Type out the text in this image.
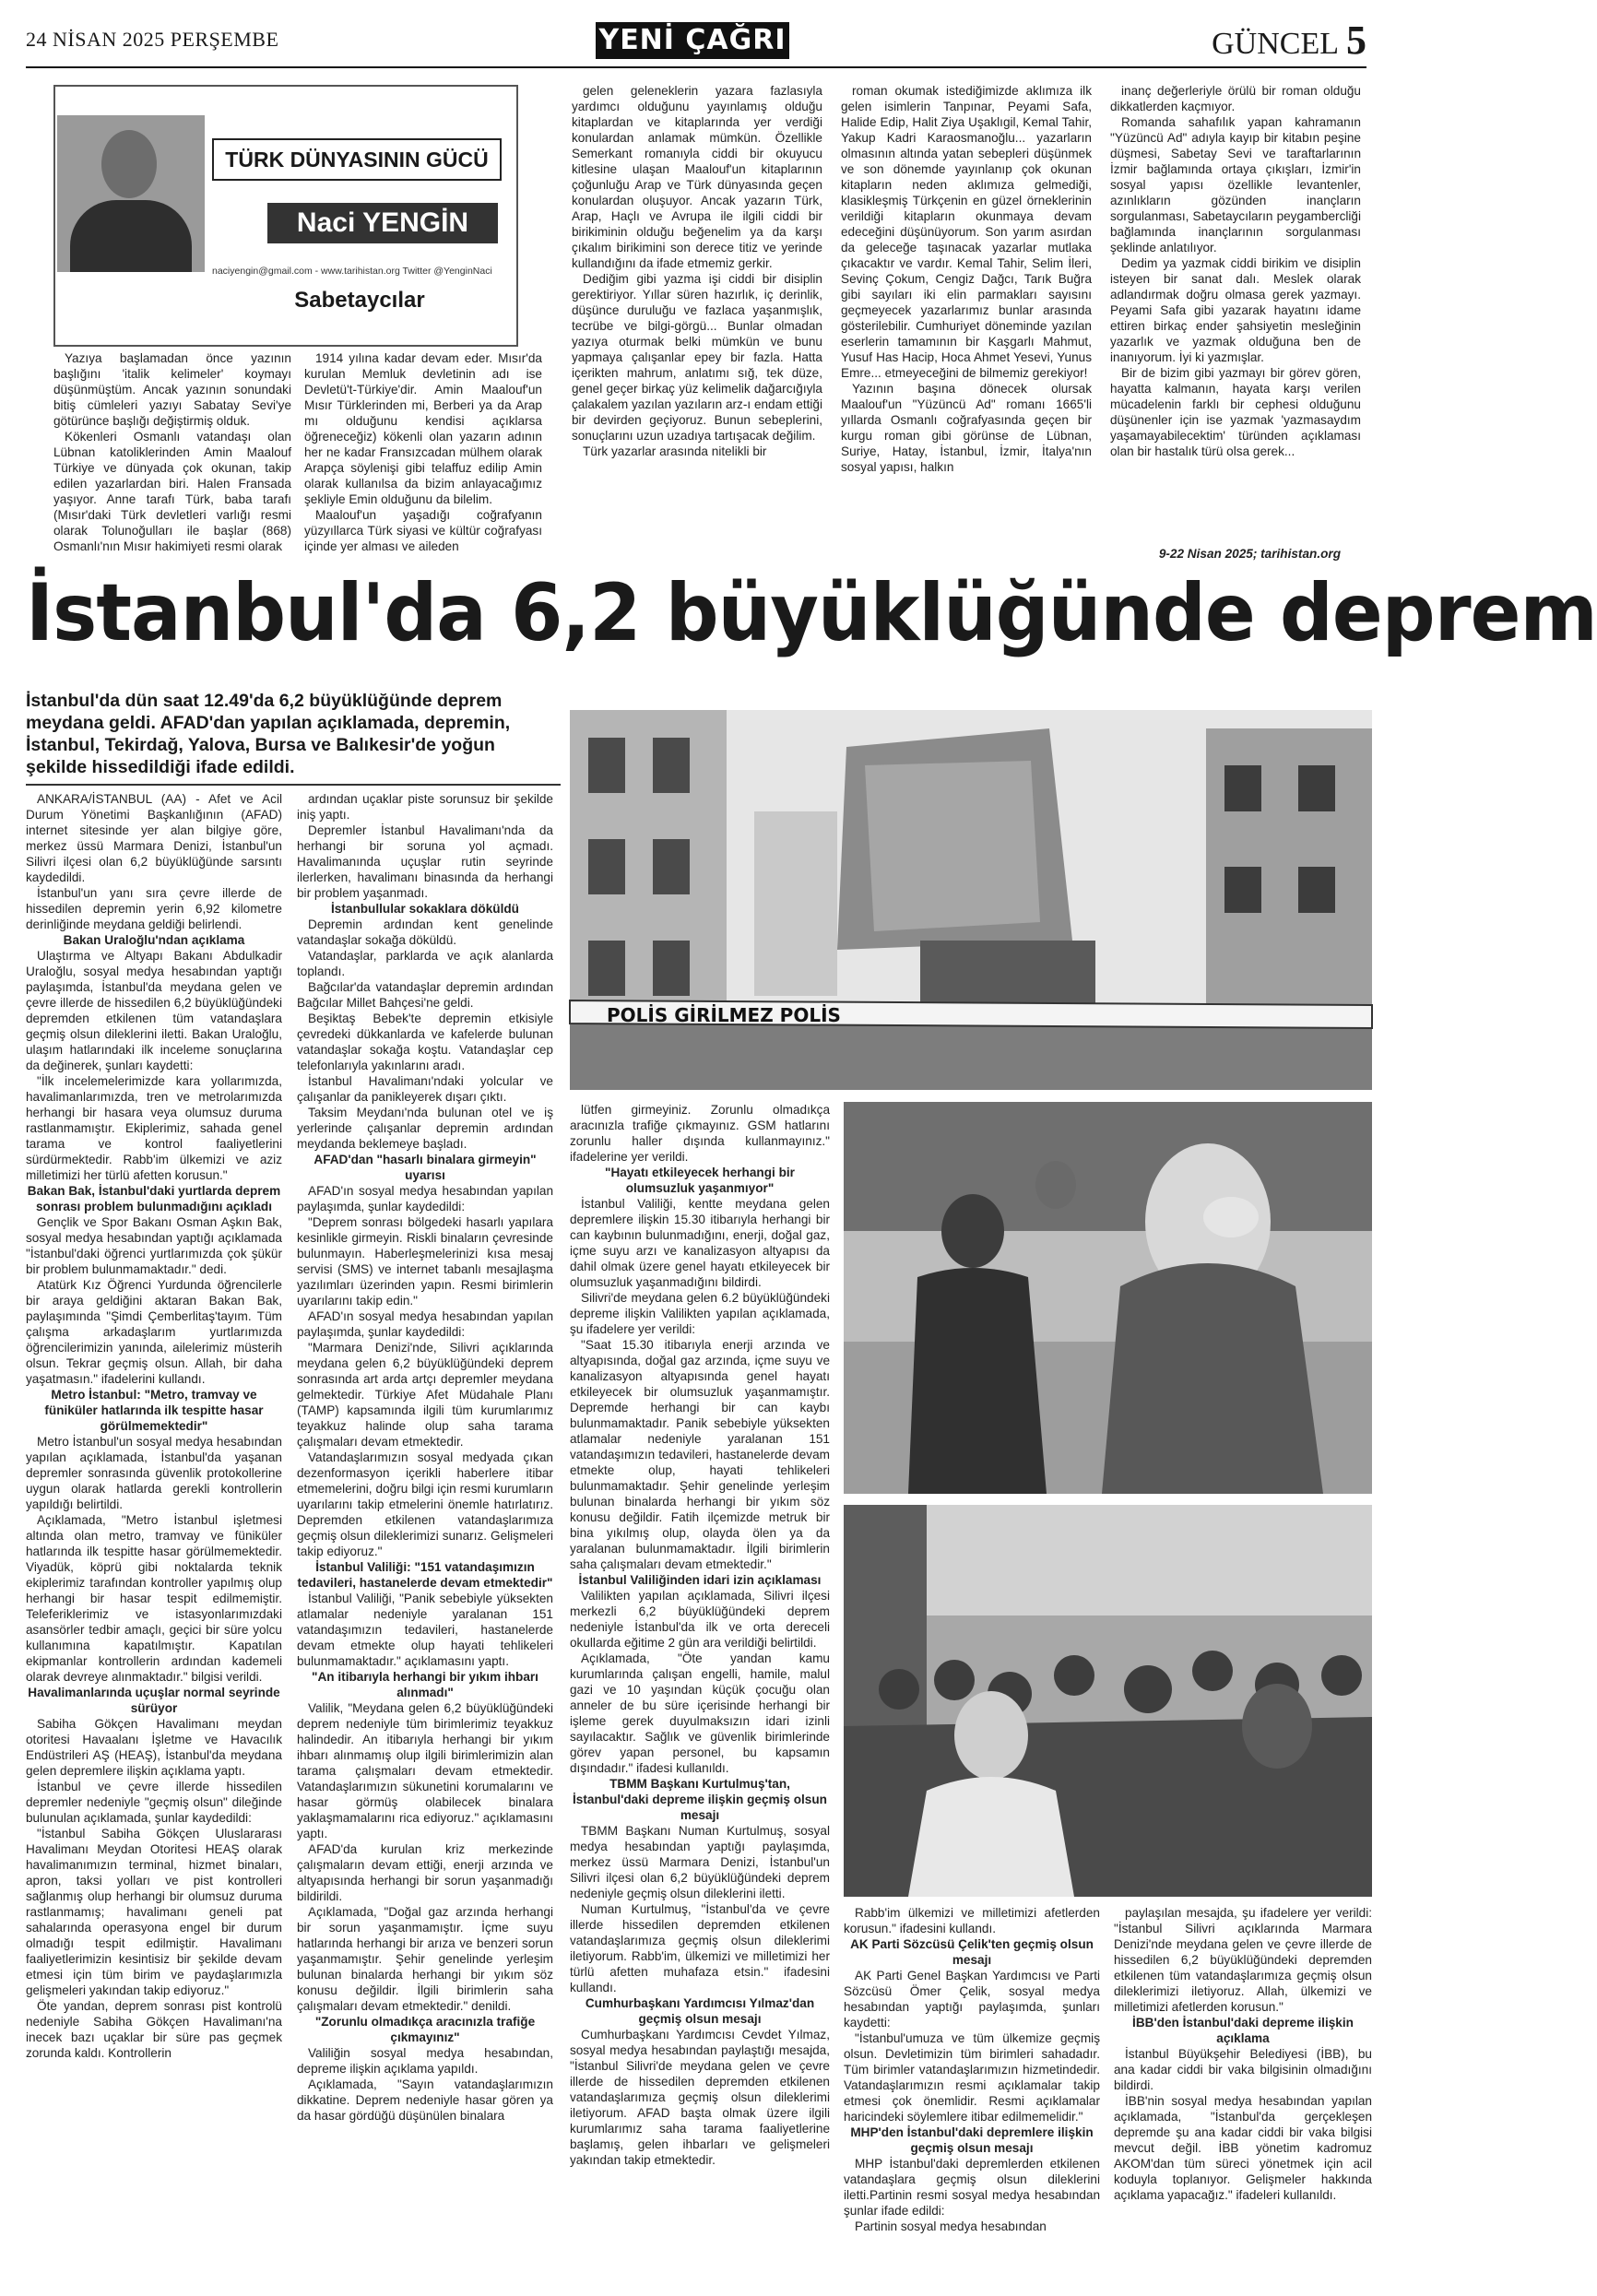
24 NİSAN 2025 PERŞEMBE	YENİ ÇAĞRI	GÜNCEL 5
TÜRK DÜNYASININ GÜCÜ
Naci YENGİN
naciyengin@gmail.com - www.tarihistan.org Twitter @YenginNaci
Sabetaycılar

Yazıya başlamadan önce yazının başlığını 'italik kelimeler' koymayı düşünmüştüm. Ancak yazının sonundaki bitiş cümleleri yazıyı Sabatay Sevi'ye götürünce başlığı değiştirmiş olduk.

Kökenleri Osmanlı vatandaşı olan Lübnan katoliklerinden Amin Maalouf Türkiye ve dünyada çok okunan, takip edilen yazarlardan biri. Halen Fransada yaşıyor. Anne tarafı Türk, baba tarafı (Mısır'daki Türk devletleri varlığı resmi olarak Tolunoğulları ile başlar (868) Osmanlı'nın Mısır hakimiyeti resmi olarak

1914 yılına kadar devam eder. Mısır'da kurulan Memluk devletinin adı ise Devletü't-Türkiye'dir. Amin Maalouf'un Mısır Türklerinden mi, Berberi ya da Arap mı olduğunu kendisi açıklarsa öğreneceğiz) kökenli olan yazarın adının her ne kadar Fransızcadan mülhem olarak Arapça söylenişi gibi telaffuz edilip Amin olarak kullanılsa da bizim anlayacağımız şekliyle Emin olduğunu da bilelim.

Maalouf'un yaşadığı coğrafyanın yüzyıllarca Türk siyasi ve kültür coğrafyası içinde yer alması ve aileden

gelen geleneklerin yazara fazlasıyla yardımcı olduğunu yayınlamış olduğu kitaplardan ve kitaplarında yer verdiği konulardan anlamak mümkün. Özellikle Semerkant romanıyla ciddi bir okuyucu kitlesine ulaşan Maalouf'un kitaplarının çoğunluğu Arap ve Türk dünyasında geçen konulardan oluşuyor. Ancak yazarın Türk, Arap, Haçlı ve Avrupa ile ilgili ciddi bir birikiminin olduğu beğenelim ya da karşı çıkalım birikimini son derece titiz ve yerinde kullandığını da ifade etmemiz gerkir.

Dediğim gibi yazma işi ciddi bir disiplin gerektiriyor. Yıllar süren hazırlık, iç derinlik, düşünce duruluğu ve fazlaca yaşanmışlık, tecrübe ve bilgi-görgü... Bunlar olmadan yazıya oturmak belki mümkün ve bunu yapmaya çalışanlar epey bir fazla. Hatta içerikten mahrum, anlatımı sığ, tek düze, genel geçer birkaç yüz kelimelik dağarcığıyla çalakalem yazılan yazıların arz-ı endam ettiği bir devirden geçiyoruz. Bunun sebeplerini, sonuçlarını uzun uzadıya tartışacak değilim.

Türk yazarlar arasında nitelikli bir

roman okumak istediğimizde aklımıza ilk gelen isimlerin Tanpınar, Peyami Safa, Halide Edip, Halit Ziya Uşaklıgil, Kemal Tahir, Yakup Kadri Karaosmanoğlu... yazarların olmasının altında yatan sebepleri düşünmek ve son dönemde yayınlanıp çok okunan kitapların neden aklımıza gelmediği, klasikleşmiş Türkçenin en güzel örneklerinin verildiği kitapların okunmaya devam edeceğini düşünüyorum. Son yarım asırdan da geleceğe taşınacak yazarlar mutlaka çıkacaktır ve vardır. Kemal Tahir, Selim İleri, Sevinç Çokum, Cengiz Dağcı, Tarık Buğra gibi sayıları iki elin parmakları sayısını geçmeyecek yazarlarımız bunlar arasında gösterilebilir. Cumhuriyet döneminde yazılan eserlerin tamamının bir Kaşgarlı Mahmut, Yusuf Has Hacip, Hoca Ahmet Yesevi, Yunus Emre... etmeyeceğini de bilmemiz gerekiyor!

Yazının başına dönecek olursak Maalouf'un "Yüzüncü Ad" romanı 1665'li yıllarda Osmanlı coğrafyasında geçen bir kurgu roman gibi görünse de Lübnan, Suriye, Hatay, İstanbul, İzmir, İtalya'nın sosyal yapısı, halkın

inanç değerleriyle örülü bir roman olduğu dikkatlerden kaçmıyor.

Romanda sahafılık yapan kahramanın "Yüzüncü Ad" adıyla kayıp bir kitabın peşine düşmesi, Sabetay Sevi ve taraftarlarının İzmir bağlamında ortaya çıkışları, İzmir'in sosyal yapısı özellikle levantenler, azınlıkların gözünden inançların sorgulanması, Sabetaycıların peygambercliği bağlamında inançlarının sorgulanması şeklinde anlatılıyor.

Dedim ya yazmak ciddi birikim ve disiplin isteyen bir sanat dalı. Meslek olarak adlandırmak doğru olmasa gerek yazmayı. Peyami Safa gibi yazarak hayatını idame ettiren birkaç ender şahsiyetin mesleğinin yazarlık ve yazmak olduğuna ben de inanıyorum. İyi ki yazmışlar.

Bir de bizim gibi yazmayı bir görev gören, hayatta kalmanın, hayata karşı verilen mücadelenin farklı bir cephesi olduğunu düşünenler için ise yazmak 'yazmasaydım yaşamayabilecektim' türünden açıklaması olan bir hastalık türü olsa gerek...

9-22 Nisan 2025; tarihistan.org
İstanbul'da 6,2 büyüklüğünde deprem
İstanbul'da dün saat 12.49'da 6,2 büyüklüğünde deprem meydana geldi. AFAD'dan yapılan açıklamada, depremin, İstanbul, Tekirdağ, Yalova, Bursa ve Balıkesir'de yoğun şekilde hissedildiği ifade edildi.
POLİS GİRİLMEZ POLİS

ANKARA/İSTANBUL (AA) - Afet ve Acil Durum Yönetimi Başkanlığının (AFAD) internet sitesinde yer alan bilgiye göre, merkez üssü Marmara Denizi, İstanbul'un Silivri ilçesi olan 6,2 büyüklüğünde sarsıntı kaydedildi.

İstanbul'un yanı sıra çevre illerde de hissedilen depremin yerin 6,92 kilometre derinliğinde meydana geldiği belirlendi.

Bakan Uraloğlu'ndan açıklama

Ulaştırma ve Altyapı Bakanı Abdulkadir Uraloğlu, sosyal medya hesabından yaptığı paylaşımda, İstanbul'da meydana gelen ve çevre illerde de hissedilen 6,2 büyüklüğündeki depremden etkilenen tüm vatandaşlara geçmiş olsun dileklerini iletti. Bakan Uraloğlu, ulaşım hatlarındaki ilk inceleme sonuçlarına da değinerek, şunları kaydetti:

"İlk incelemelerimizde kara yollarımızda, havalimanlarımızda, tren ve metrolarımızda herhangi bir hasara veya olumsuz duruma rastlanmamıştır. Ekiplerimiz, sahada genel tarama ve kontrol faaliyetlerini sürdürmektedir. Rabb'im ülkemizi ve aziz milletimizi her türlü afetten korusun."

Bakan Bak, İstanbul'daki yurtlarda deprem sonrası problem bulunmadığını açıkladı

Gençlik ve Spor Bakanı Osman Aşkın Bak, sosyal medya hesabından yaptığı açıklamada "İstanbul'daki öğrenci yurtlarımızda çok şükür bir problem bulunmamaktadır." dedi.

Atatürk Kız Öğrenci Yurdunda öğrencilerle bir araya geldiğini aktaran Bakan Bak, paylaşımında "Şimdi Çemberlitaş'tayım. Tüm çalışma arkadaşlarım yurtlarımızda öğrencilerimizin yanında, ailelerimiz müsterih olsun. Tekrar geçmiş olsun. Allah, bir daha yaşatmasın." ifadelerini kullandı.

Metro İstanbul: "Metro, tramvay ve füniküler hatlarında ilk tespitte hasar görülmemektedir"

Metro İstanbul'un sosyal medya hesabından yapılan açıklamada, İstanbul'da yaşanan depremler sonrasında güvenlik protokollerine uygun olarak hatlarda gerekli kontrollerin yapıldığı belirtildi.

Açıklamada, "Metro İstanbul işletmesi altında olan metro, tramvay ve füniküler hatlarında ilk tespitte hasar görülmemektedir. Viyadük, köprü gibi noktalarda teknik ekiplerimiz tarafından kontroller yapılmış olup herhangi bir hasar tespit edilmemiştir. Teleferiklerimiz ve istasyonlarımızdaki asansörler tedbir amaçlı, geçici bir süre yolcu kullanımına kapatılmıştır. Kapatılan ekipmanlar kontrollerin ardından kademeli olarak devreye alınmaktadır." bilgisi verildi.

Havalimanlarında uçuşlar normal seyrinde sürüyor

Sabiha Gökçen Havalimanı meydan otoritesi Havaalanı İşletme ve Havacılık Endüstrileri AŞ (HEAŞ), İstanbul'da meydana gelen depremlere ilişkin açıklama yaptı.

İstanbul ve çevre illerde hissedilen depremler nedeniyle "geçmiş olsun" dileğinde bulunulan açıklamada, şunlar kaydedildi:

"İstanbul Sabiha Gökçen Uluslararası Havalimanı Meydan Otoritesi HEAŞ olarak havalimanımızın terminal, hizmet binaları, apron, taksi yolları ve pist kontrolleri sağlanmış olup herhangi bir olumsuz duruma rastlanmamış; havalimanı geneli pat sahalarında operasyona engel bir durum olmadığı tespit edilmiştir. Havalimanı faaliyetlerimizin kesintisiz bir şekilde devam etmesi için tüm birim ve paydaşlarımızla gelişmeleri yakından takip ediyoruz."

Öte yandan, deprem sonrası pist kontrolü nedeniyle Sabiha Gökçen Havalimanı'na inecek bazı uçaklar bir süre pas geçmek zorunda kaldı. Kontrollerin

ardından uçaklar piste sorunsuz bir şekilde iniş yaptı.

Depremler İstanbul Havalimanı'nda da herhangi bir soruna yol açmadı. Havalimanında uçuşlar rutin seyrinde ilerlerken, havalimanı binasında da herhangi bir problem yaşanmadı.

İstanbullular sokaklara döküldü

Depremin ardından kent genelinde vatandaşlar sokağa döküldü.

Vatandaşlar, parklarda ve açık alanlarda toplandı.

Bağcılar'da vatandaşlar depremin ardından Bağcılar Millet Bahçesi'ne geldi.

Beşiktaş Bebek'te depremin etkisiyle çevredeki dükkanlarda ve kafelerde bulunan vatandaşlar sokağa koştu. Vatandaşlar cep telefonlarıyla yakınlarını aradı.

İstanbul Havalimanı'ndaki yolcular ve çalışanlar da panikleyerek dışarı çıktı.

Taksim Meydanı'nda bulunan otel ve iş yerlerinde çalışanlar depremin ardından meydanda beklemeye başladı.

AFAD'dan "hasarlı binalara girmeyin" uyarısı

AFAD'ın sosyal medya hesabından yapılan paylaşımda, şunlar kaydedildi:

"Deprem sonrası bölgedeki hasarlı yapılara kesinlikle girmeyin. Riskli binaların çevresinde bulunmayın. Haberleşmelerinizi kısa mesaj servisi (SMS) ve internet tabanlı mesajlaşma yazılımları üzerinden yapın. Resmi birimlerin uyarılarını takip edin."

AFAD'ın sosyal medya hesabından yapılan paylaşımda, şunlar kaydedildi:

"Marmara Denizi'nde, Silivri açıklarında meydana gelen 6,2 büyüklüğündeki deprem sonrasında art arda artçı depremler meydana gelmektedir. Türkiye Afet Müdahale Planı (TAMP) kapsamında ilgili tüm kurumlarımız teyakkuz halinde olup saha tarama çalışmaları devam etmektedir.

Vatandaşlarımızın sosyal medyada çıkan dezenformasyon içerikli haberlere itibar etmemelerini, doğru bilgi için resmi kurumların uyarılarını takip etmelerini önemle hatırlatırız. Depremden etkilenen vatandaşlarımıza geçmiş olsun dileklerimizi sunarız. Gelişmeleri takip ediyoruz."

İstanbul Valiliği: "151 vatandaşımızın tedavileri, hastanelerde devam etmektedir"

İstanbul Valiliği, "Panik sebebiyle yüksekten atlamalar nedeniyle yaralanan 151 vatandaşımızın tedavileri, hastanelerde devam etmekte olup hayati tehlikeleri bulunmamaktadır." açıklamasını yaptı.

"An itibarıyla herhangi bir yıkım ihbarı alınmadı"

Valilik, "Meydana gelen 6,2 büyüklüğündeki deprem nedeniyle tüm birimlerimiz teyakkuz halindedir. An itibarıyla herhangi bir yıkım ihbarı alınmamış olup ilgili birimlerimizin alan tarama çalışmaları devam etmektedir. Vatandaşlarımızın sükunetini korumalarını ve hasar görmüş olabilecek binalara yaklaşmamalarını rica ediyoruz." açıklamasını yaptı.

AFAD'da kurulan kriz merkezinde çalışmaların devam ettiği, enerji arzında ve altyapısında herhangi bir sorun yaşanmadığı bildirildi.

Açıklamada, "Doğal gaz arzında herhangi bir sorun yaşanmamıştır. İçme suyu hatlarında herhangi bir arıza ve benzeri sorun yaşanmamıştır. Şehir genelinde yerleşim bulunan binalarda herhangi bir yıkım söz konusu değildir. İlgili birimlerin saha çalışmaları devam etmektedir." denildi.

"Zorunlu olmadıkça aracınızla trafiğe çıkmayınız"

Valiliğin sosyal medya hesabından, depreme ilişkin açıklama yapıldı.

Açıklamada, "Sayın vatandaşlarımızın dikkatine. Deprem nedeniyle hasar gören ya da hasar gördüğü düşünülen binalara

lütfen girmeyiniz. Zorunlu olmadıkça aracınızla trafiğe çıkmayınız. GSM hatlarını zorunlu haller dışında kullanmayınız." ifadelerine yer verildi.

"Hayatı etkileyecek herhangi bir olumsuzluk yaşanmıyor"

İstanbul Valiliği, kentte meydana gelen depremlere ilişkin 15.30 itibarıyla herhangi bir can kaybının bulunmadığını, enerji, doğal gaz, içme suyu arzı ve kanalizasyon altyapısı da dahil olmak üzere genel hayatı etkileyecek bir olumsuzluk yaşanmadığını bildirdi.

Silivri'de meydana gelen 6.2 büyüklüğündeki depreme ilişkin Valilikten yapılan açıklamada, şu ifadelere yer verildi:

"Saat 15.30 itibarıyla enerji arzında ve altyapısında, doğal gaz arzında, içme suyu ve kanalizasyon altyapısında genel hayatı etkileyecek bir olumsuzluk yaşanmamıştır. Depremde herhangi bir can kaybı bulunmamaktadır. Panik sebebiyle yüksekten atlamalar nedeniyle yaralanan 151 vatandaşımızın tedavileri, hastanelerde devam etmekte olup, hayati tehlikeleri bulunmamaktadır. Şehir genelinde yerleşim bulunan binalarda herhangi bir yıkım söz konusu değildir. Fatih ilçemizde metruk bir bina yıkılmış olup, olayda ölen ya da yaralanan bulunmamaktadır. İlgili birimlerin saha çalışmaları devam etmektedir."

İstanbul Valiliğinden idari izin açıklaması

Valilikten yapılan açıklamada, Silivri ilçesi merkezli 6,2 büyüklüğündeki deprem nedeniyle İstanbul'da ilk ve orta dereceli okullarda eğitime 2 gün ara verildiği belirtildi.

Açıklamada, "Öte yandan kamu kurumlarında çalışan engelli, hamile, malul gazi ve 10 yaşından küçük çocuğu olan anneler de bu süre içerisinde herhangi bir işleme gerek duyulmaksızın idari izinli sayılacaktır. Sağlık ve güvenlik birimlerinde görev yapan personel, bu kapsamın dışındadır." ifadesi kullanıldı.

TBMM Başkanı Kurtulmuş'tan, İstanbul'daki depreme ilişkin geçmiş olsun mesajı

TBMM Başkanı Numan Kurtulmuş, sosyal medya hesabından yaptığı paylaşımda, merkez üssü Marmara Denizi, İstanbul'un Silivri ilçesi olan 6,2 büyüklüğündeki deprem nedeniyle geçmiş olsun dileklerini iletti.

Numan Kurtulmuş, "İstanbul'da ve çevre illerde hissedilen depremden etkilenen vatandaşlarımıza geçmiş olsun dileklerimi iletiyorum. Rabb'im, ülkemizi ve milletimizi her türlü afetten muhafaza etsin." ifadesini kullandı.

Cumhurbaşkanı Yardımcısı Yılmaz'dan geçmiş olsun mesajı

Cumhurbaşkanı Yardımcısı Cevdet Yılmaz, sosyal medya hesabından paylaştığı mesajda, "İstanbul Silivri'de meydana gelen ve çevre illerde de hissedilen depremden etkilenen vatandaşlarımıza geçmiş olsun dileklerimi iletiyorum. AFAD başta olmak üzere ilgili kurumlarımız saha tarama faaliyetlerine başlamış, gelen ihbarları ve gelişmeleri yakından takip etmektedir.

Rabb'im ülkemizi ve milletimizi afetlerden korusun." ifadesini kullandı.

AK Parti Sözcüsü Çelik'ten geçmiş olsun mesajı

AK Parti Genel Başkan Yardımcısı ve Parti Sözcüsü Ömer Çelik, sosyal medya hesabından yaptığı paylaşımda, şunları kaydetti:

"İstanbul'umuza ve tüm ülkemize geçmiş olsun. Devletimizin tüm birimleri sahadadır. Tüm birimler vatandaşlarımızın hizmetindedir. Vatandaşlarımızın resmi açıklamalar takip etmesi çok önemlidir. Resmi açıklamalar haricindeki söylemlere itibar edilmemelidir."

MHP'den İstanbul'daki depremlere ilişkin geçmiş olsun mesajı

MHP İstanbul'daki depremlerden etkilenen vatandaşlara geçmiş olsun dileklerini iletti.Partinin resmi sosyal medya hesabından şunlar ifade edildi:

Partinin sosyal medya hesabından

paylaşılan mesajda, şu ifadelere yer verildi: "İstanbul Silivri açıklarında Marmara Denizi'nde meydana gelen ve çevre illerde de hissedilen 6,2 büyüklüğündeki depremden etkilenen tüm vatandaşlarımıza geçmiş olsun dileklerimizi iletiyoruz. Allah, ülkemizi ve milletimizi afetlerden korusun."

İBB'den İstanbul'daki depreme ilişkin açıklama

İstanbul Büyükşehir Belediyesi (İBB), bu ana kadar ciddi bir vaka bilgisinin olmadığını bildirdi.

İBB'nin sosyal medya hesabından yapılan açıklamada, "İstanbul'da gerçekleşen depremde şu ana kadar ciddi bir vaka bilgisi mevcut değil. İBB yönetim kadromuz AKOM'dan tüm süreci yönetmek için acil koduyla toplanıyor. Gelişmeler hakkında açıklama yapacağız." ifadeleri kullanıldı.
